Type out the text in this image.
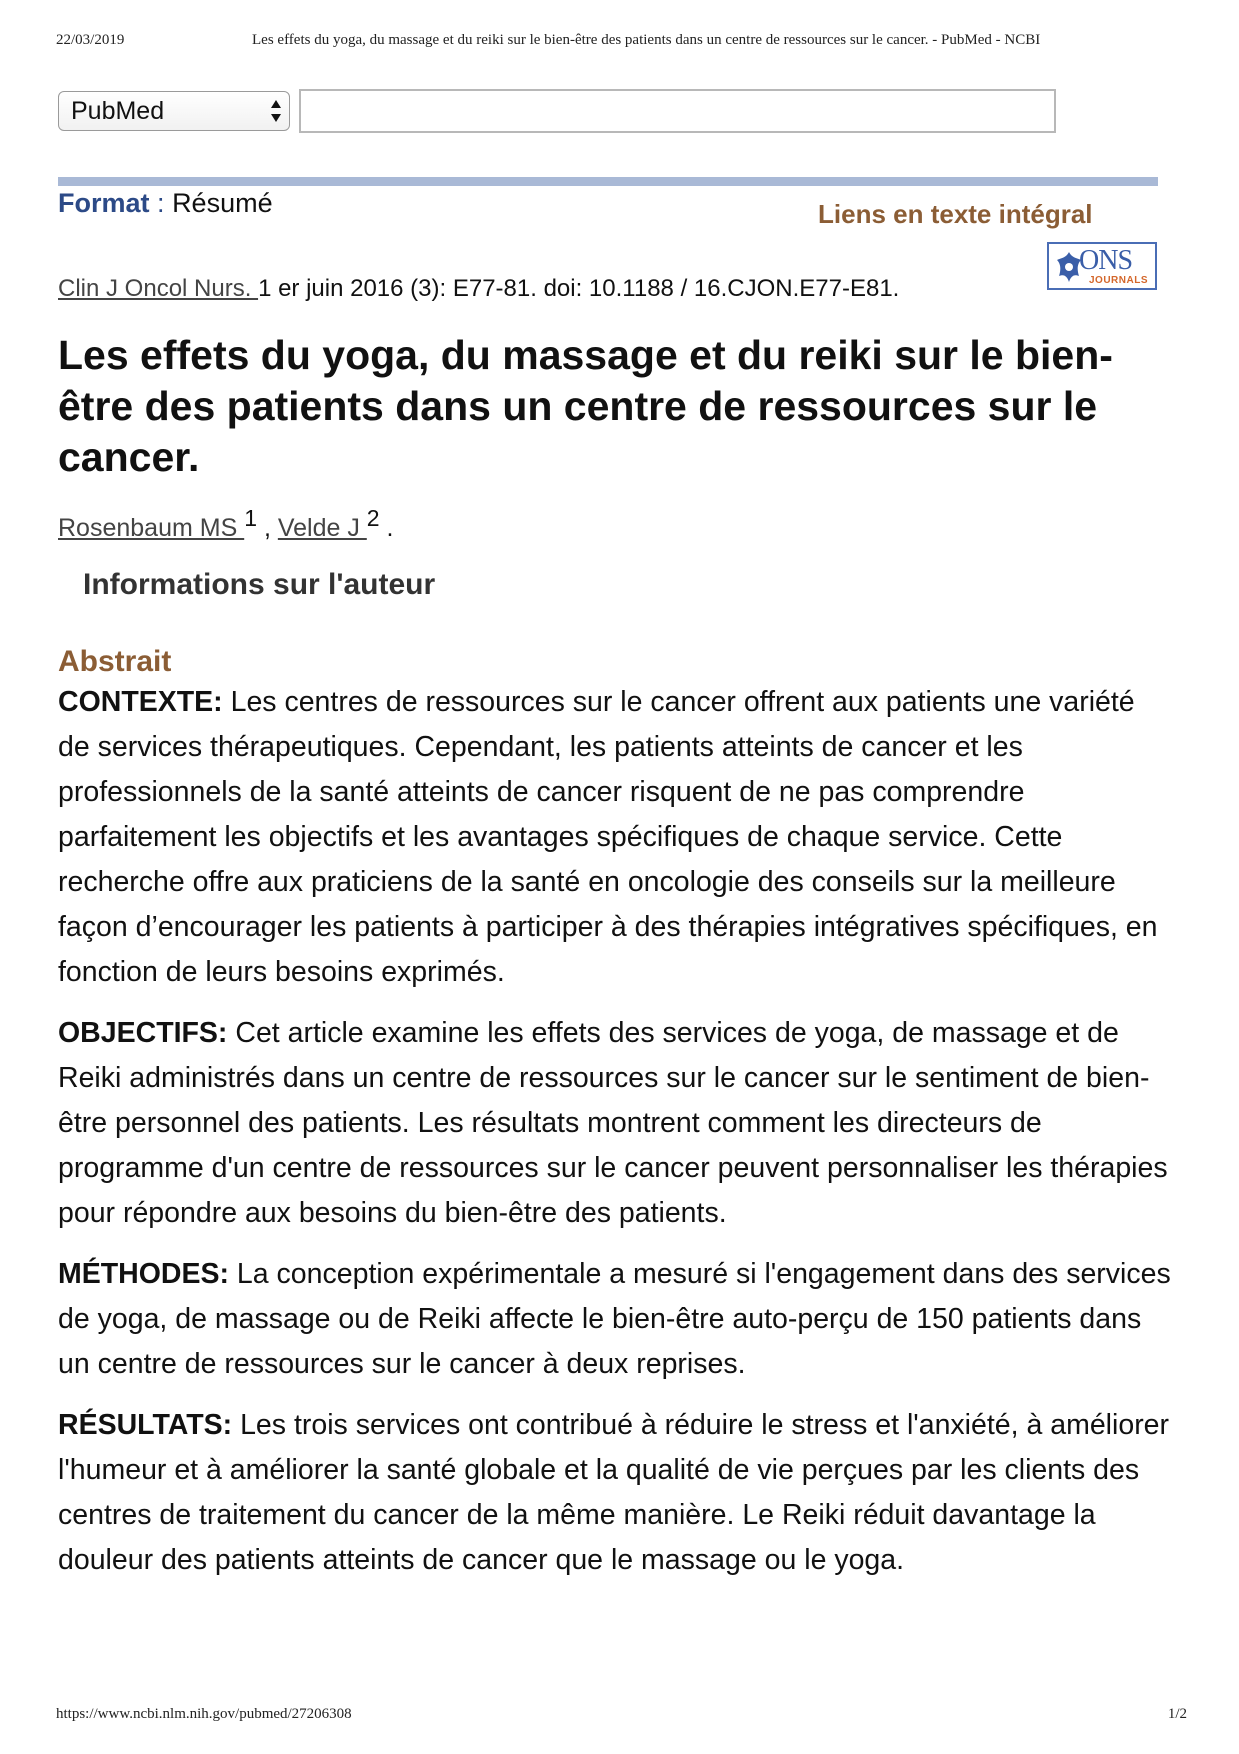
22/03/2019	Les effets du yoga, du massage et du reiki sur le bien-être des patients dans un centre de ressources sur le cancer. - PubMed - NCBI
PubMed
Format : Résumé	Liens en texte intégral
ONS
JOURNALS
Clin J Oncol Nurs. 1 er juin 2016 (3): E77-81. doi: 10.1188 / 16.CJON.E77-E81.
Les effets du yoga, du massage et du reiki sur le bien-être des patients dans un centre de ressources sur le cancer.
Rosenbaum MS $^1$ , Velde J $^2$ .
Informations sur l'auteur
Abstrait

CONTEXTE: Les centres de ressources sur le cancer offrent aux patients une variété de services thérapeutiques. Cependant, les patients atteints de cancer et les professionnels de la santé atteints de cancer risquent de ne pas comprendre parfaitement les objectifs et les avantages spécifiques de chaque service. Cette recherche offre aux praticiens de la santé en oncologie des conseils sur la meilleure façon d’encourager les patients à participer à des thérapies intégratives spécifiques, en fonction de leurs besoins exprimés.

OBJECTIFS: Cet article examine les effets des services de yoga, de massage et de Reiki administrés dans un centre de ressources sur le cancer sur le sentiment de bien-être personnel des patients. Les résultats montrent comment les directeurs de programme d'un centre de ressources sur le cancer peuvent personnaliser les thérapies pour répondre aux besoins du bien-être des patients.

MÉTHODES: La conception expérimentale a mesuré si l'engagement dans des services de yoga, de massage ou de Reiki affecte le bien-être auto-perçu de 150 patients dans un centre de ressources sur le cancer à deux reprises.

RÉSULTATS: Les trois services ont contribué à réduire le stress et l'anxiété, à améliorer l'humeur et à améliorer la santé globale et la qualité de vie perçues par les clients des centres de traitement du cancer de la même manière. Le Reiki réduit davantage la douleur des patients atteints de cancer que le massage ou le yoga.

https://www.ncbi.nlm.nih.gov/pubmed/27206308	1/2
